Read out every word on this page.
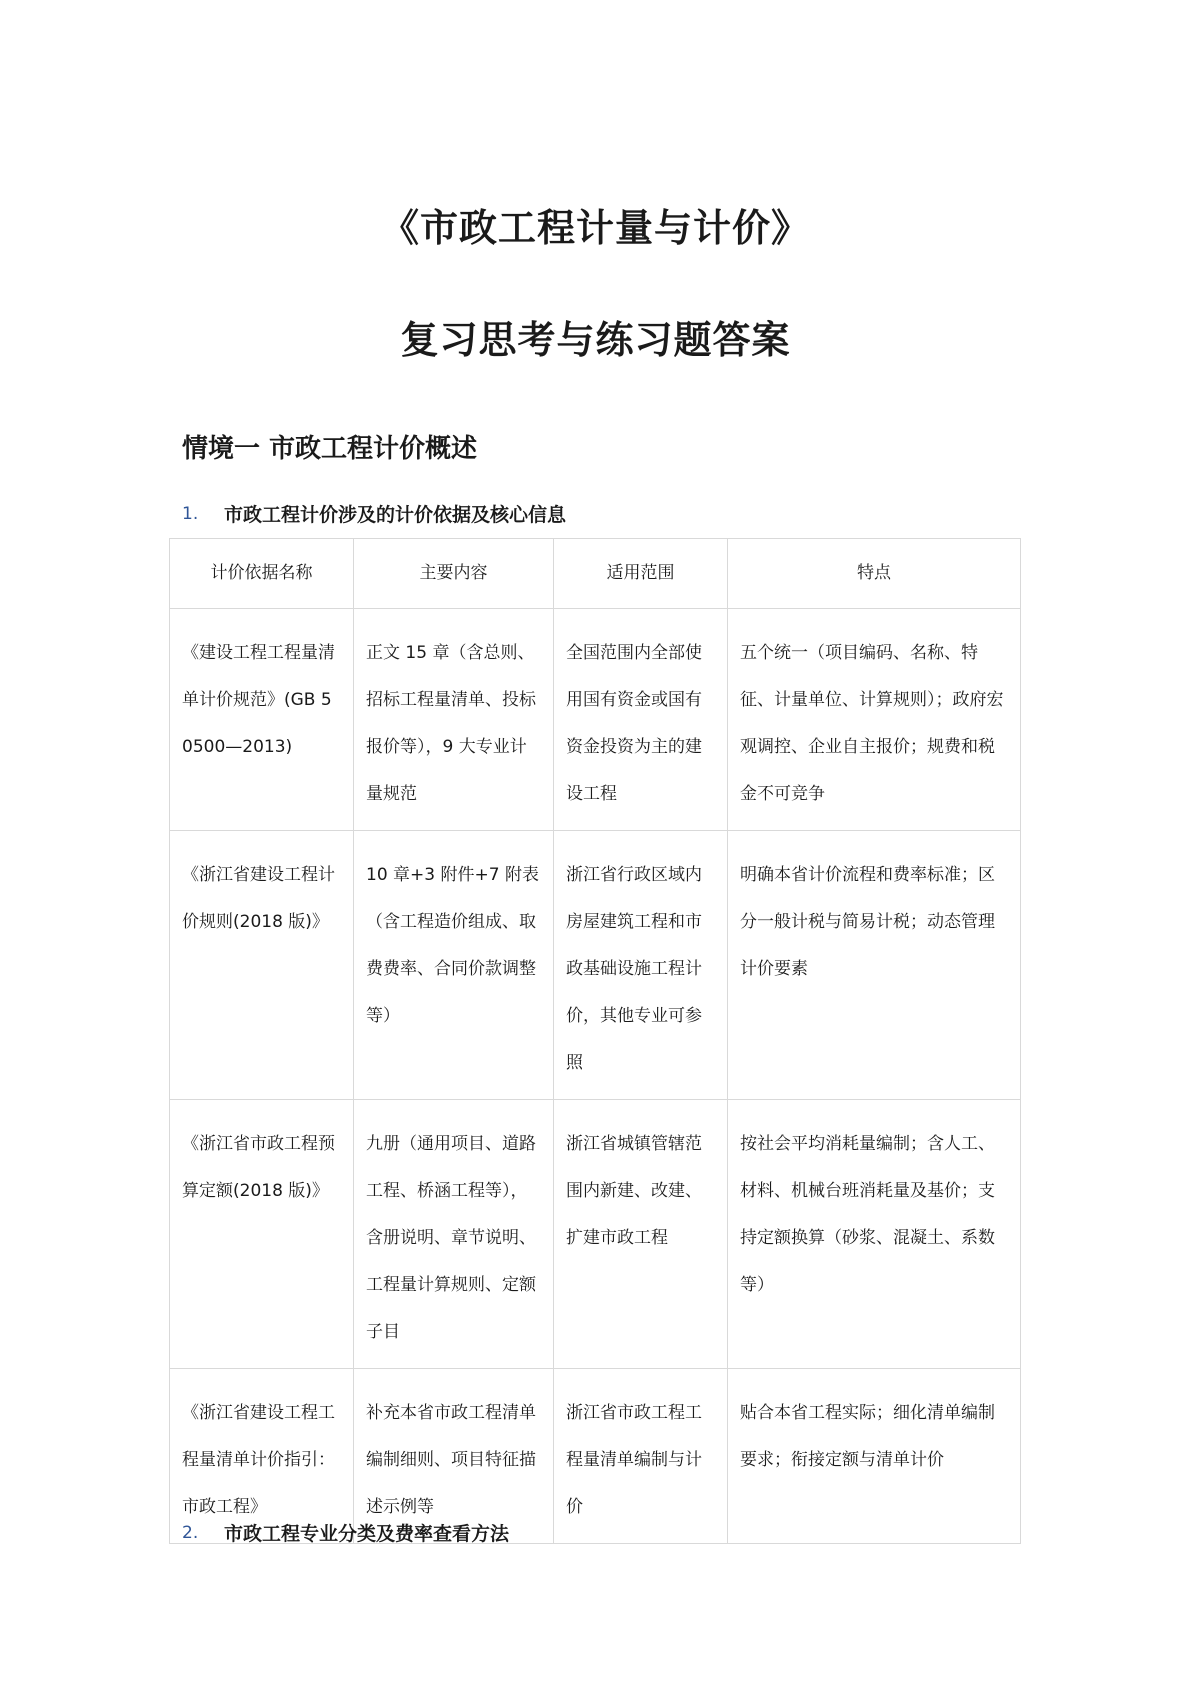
《市政工程计量与计价》
复习思考与练习题答案
情境一 市政工程计价概述
1.	市政工程计价涉及的计价依据及核心信息
计价依据名称	主要内容	适用范围	特点
《建设工程工程量清单计价规范》(GB 50500—2013)	正文 15 章（含总则、招标工程量清单、投标报价等），9 大专业计量规范	全国范围内全部使用国有资金或国有资金投资为主的建设工程	五个统一（项目编码、名称、特征、计量单位、计算规则）；政府宏观调控、企业自主报价；规费和税金不可竞争
《浙江省建设工程计价规则(2018 版)》	10 章+3 附件+7 附表（含工程造价组成、取费费率、合同价款调整等）	浙江省行政区域内房屋建筑工程和市政基础设施工程计价，其他专业可参照	明确本省计价流程和费率标准；区分一般计税与简易计税；动态管理计价要素
《浙江省市政工程预算定额(2018 版)》	九册（通用项目、道路工程、桥涵工程等），含册说明、章节说明、工程量计算规则、定额子目	浙江省城镇管辖范围内新建、改建、扩建市政工程	按社会平均消耗量编制；含人工、材料、机械台班消耗量及基价；支持定额换算（砂浆、混凝土、系数等）
《浙江省建设工程工程量清单计价指引：市政工程》	补充本省市政工程清单编制细则、项目特征描述示例等	浙江省市政工程工程量清单编制与计价	贴合本省工程实际；细化清单编制要求；衔接定额与清单计价
2.	市政工程专业分类及费率查看方法
